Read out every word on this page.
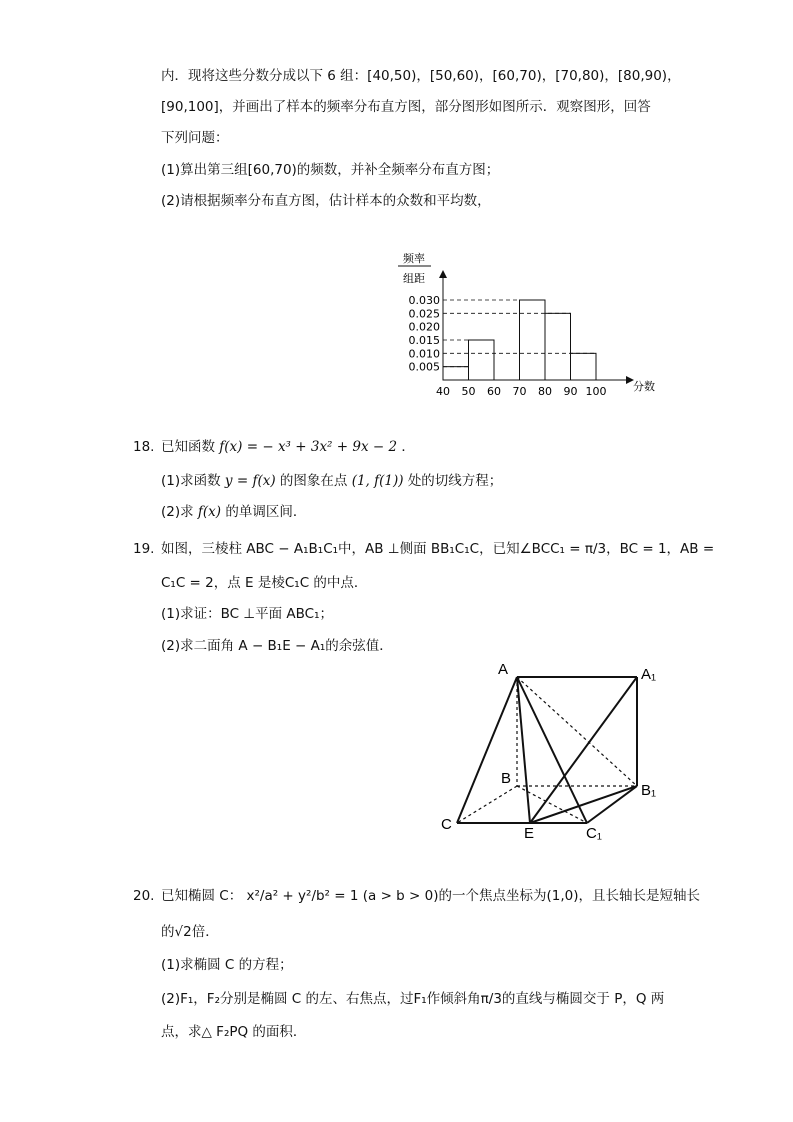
内．现将这些分数分成以下 6 组：[40,50)，[50,60)，[60,70)，[70,80)，[80,90)，
[90,100]，并画出了样本的频率分布直方图，部分图形如图所示．观察图形，回答
下列问题：
(1)算出第三组[60,70)的频数，并补全频率分布直方图；
(2)请根据频率分布直方图，估计样本的众数和平均数，
频率
组距
分数
0.005
0.010
0.015
0.020
0.025
0.030
40 50 60 70 80 90 100
18. 已知函数 f(x) = − x³ + 3x² + 9x − 2 ．
(1)求函数 y = f(x) 的图象在点 (1, f(1)) 处的切线方程；
(2)求 f(x) 的单调区间．
19. 如图，三棱柱 ABC − A₁B₁C₁中，AB ⊥侧面 BB₁C₁C，已知∠BCC₁ = π/3，BC = 1，AB =
C₁C = 2，点 E 是棱C₁C 的中点．
(1)求证：BC ⊥平面 ABC₁；
(2)求二面角 A − B₁E − A₁的余弦值．
A	A₁
B
B₁
C
C₁
E
20. 已知椭圆 C： x²/a² + y²/b² = 1 (a > b > 0)的一个焦点坐标为(1,0)，且长轴长是短轴长
的√2倍．
(1)求椭圆 C 的方程；
(2)F₁，F₂分别是椭圆 C 的左、右焦点，过F₁作倾斜角π/3的直线与椭圆交于 P，Q 两
点，求△ F₂PQ 的面积．
